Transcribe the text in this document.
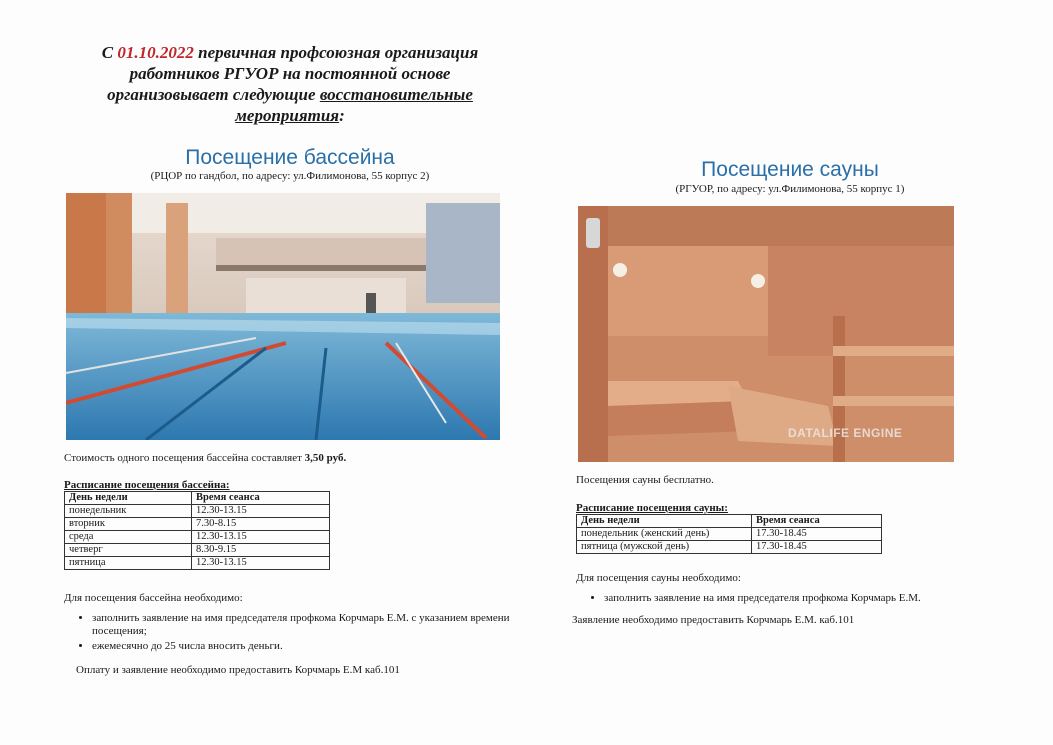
С 01.10.2022 первичная профсоюзная организация
работников РГУОР на постоянной основе
организовывает следующие восстановительные
мероприятия:
Посещение бассейна
(РЦОР по гандбол, по адресу: ул.Филимонова, 55 корпус 2)
Стоимость одного посещения бассейна составляет 3,50 руб.
Расписание посещения бассейна:
День недели	Время сеанса
понедельник	12.30-13.15
вторник	7.30-8.15
среда	12.30-13.15
четверг	8.30-9.15
пятница	12.30-13.15
Для посещения бассейна необходимо:
• заполнить заявление на имя председателя профкома Корчмарь Е.М. с указанием времени посещения;
• ежемесячно до 25 числа вносить деньги.
Оплату и заявление необходимо предоставить Корчмарь Е.М каб.101
Посещение сауны
(РГУОР, по адресу: ул.Филимонова, 55 корпус 1)
DATALIFE ENGINE
Посещения сауны бесплатно.
Расписание посещения сауны:
День недели	Время сеанса
понедельник (женский день)	17.30-18.45
пятница (мужской день)	17.30-18.45
Для посещения сауны необходимо:
• заполнить заявление на имя председателя профкома Корчмарь Е.М.
Заявление необходимо предоставить Корчмарь Е.М. каб.101
